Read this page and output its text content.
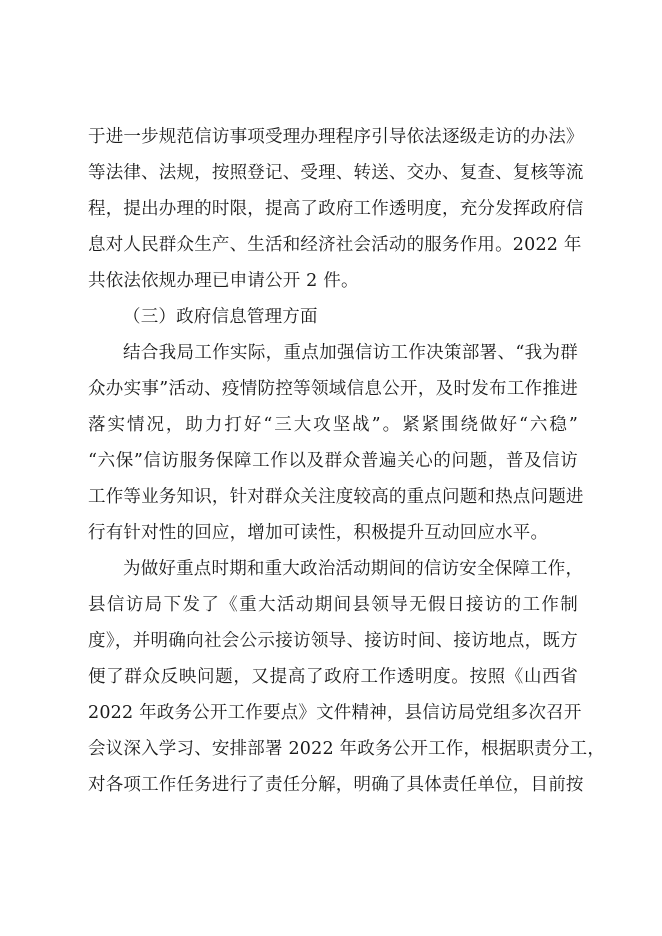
于进一步规范信访事项受理办理程序引导依法逐级走访的办法》
等法律、法规，按照登记、受理、转送、交办、复查、复核等流
程，提出办理的时限，提高了政府工作透明度，充分发挥政府信
息对人民群众生产、生活和经济社会活动的服务作用。2022 年
共依法依规办理已申请公开 2 件。
（三）政府信息管理方面
结合我局工作实际，重点加强信访工作决策部署、“我为群
众办实事”活动、疫情防控等领域信息公开，及时发布工作推进
落实情况，助力打好“三大攻坚战”。紧紧围绕做好“六稳”
“六保”信访服务保障工作以及群众普遍关心的问题，普及信访
工作等业务知识，针对群众关注度较高的重点问题和热点问题进
行有针对性的回应，增加可读性，积极提升互动回应水平。
为做好重点时期和重大政治活动期间的信访安全保障工作，
县信访局下发了《重大活动期间县领导无假日接访的工作制
度》，并明确向社会公示接访领导、接访时间、接访地点，既方
便了群众反映问题，又提高了政府工作透明度。按照《山西省
2022 年政务公开工作要点》文件精神，县信访局党组多次召开
会议深入学习、安排部署 2022 年政务公开工作，根据职责分工，
对各项工作任务进行了责任分解，明确了具体责任单位，目前按
